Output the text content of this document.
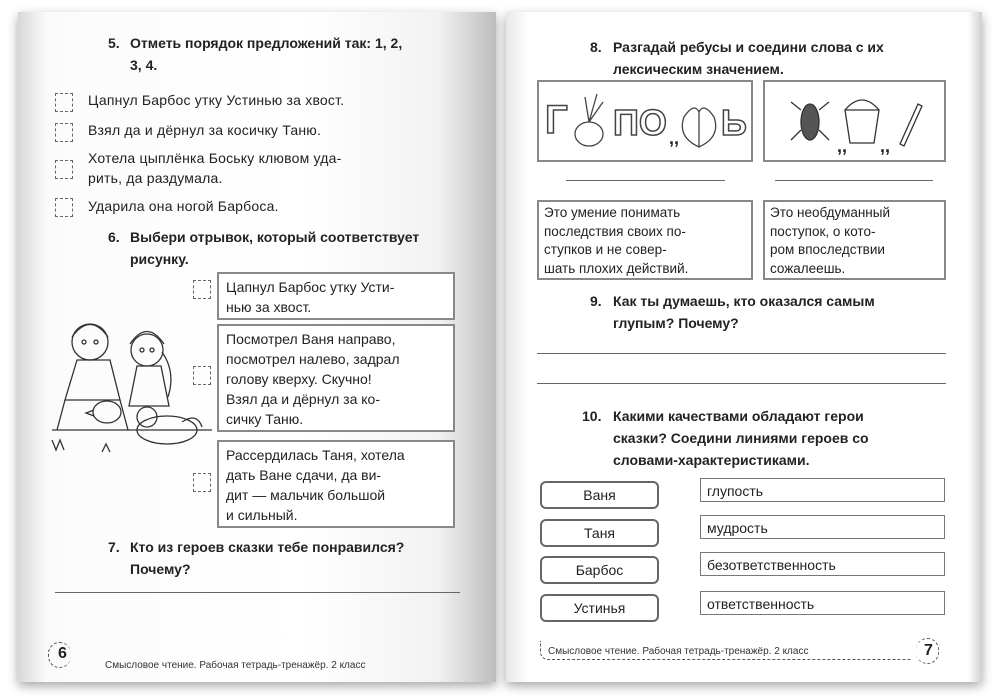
5. Отметь порядок предложений так: 1, 2,
3, 4.
Цапнул Барбос утку Устинью за хвост.
Взял да и дёрнул за косичку Таню.
Хотела цыплёнка Боську клювом уда-
рить, да раздумала.
Ударила она ногой Барбоса.
6. Выбери отрывок, который соответствует
рисунку.
Цапнул Барбос утку Усти-
нью за хвост.
Посмотрел Ваня направо,
посмотрел налево, задрал
голову кверху. Скучно!
Взял да и дёрнул за ко-
сичку Таню.
Рассердилась Таня, хотела
дать Ване сдачи, да ви-
дит — мальчик большой
и сильный.
7. Кто из героев сказки тебе понравился?
Почему?
6
Смысловое чтение. Рабочая тетрадь-тренажёр. 2 класс
8. Разгадай ребусы и соедини слова с их
лексическим значением.
Г ПО ,, Ь
,, ,,
Это умение понимать
последствия своих по-
ступков и не совер-
шать плохих действий.
Это необдуманный
поступок, о кото-
ром впоследствии
сожалеешь.
9. Как ты думаешь, кто оказался самым
глупым? Почему?
10. Какими качествами обладают герои
сказки? Соедини линиями героев со
словами-характеристиками.
Ваня
Таня
Барбос
Устинья
глупость
мудрость
безответственность
ответственность
Смысловое чтение. Рабочая тетрадь-тренажёр. 2 класс	7
